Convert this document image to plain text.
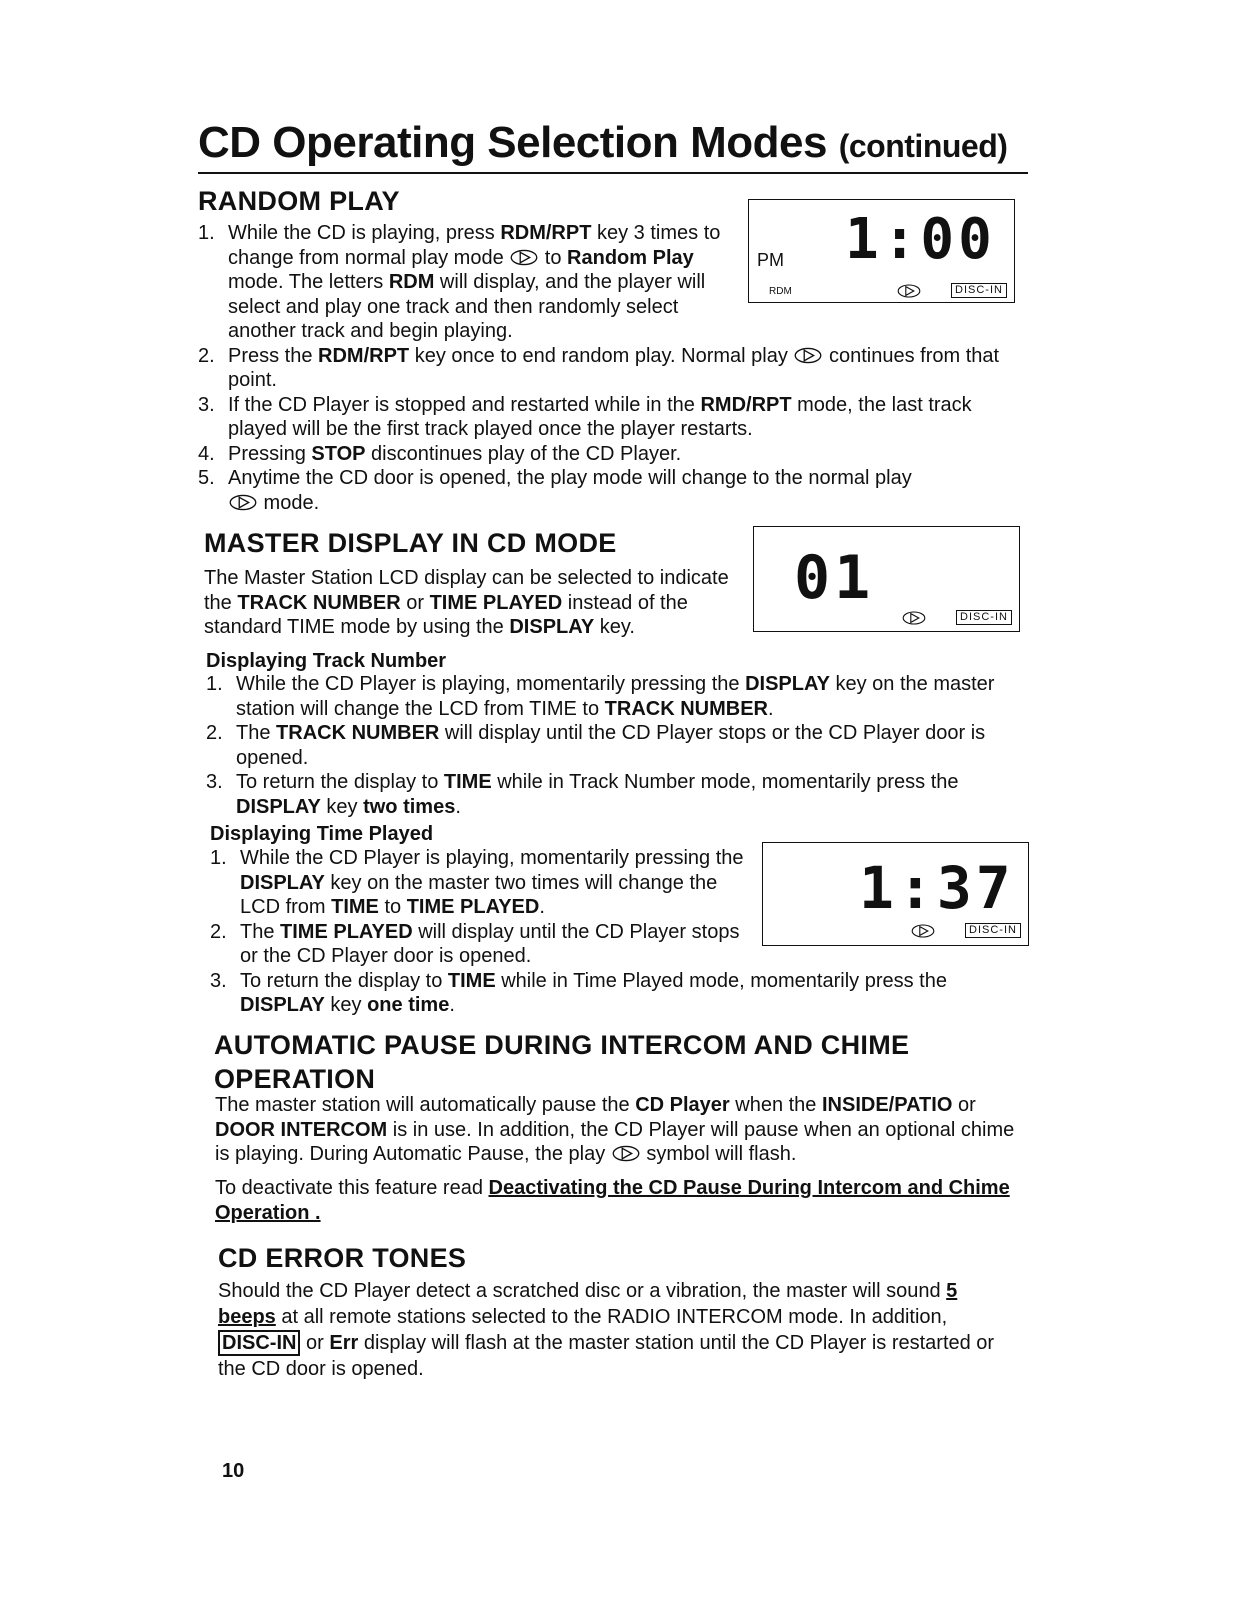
CD Operating Selection Modes (continued)
RANDOM PLAY
PM 1:00
RDM	DISC-IN
1. While the CD is playing, press RDM/RPT key 3 times to change from normal play mode  to Random Play mode. The letters RDM will display, and the player will select and play one track and then randomly select another track and begin playing.
2. Press the RDM/RPT key once to end random play. Normal play  continues from that point.
3. If the CD Player is stopped and restarted while in the RMD/RPT mode, the last track played will be the first track played once the player restarts.
4. Pressing STOP discontinues play of the CD Player.
5. Anytime the CD door is opened, the play mode will change to the normal play  mode.
MASTER DISPLAY IN CD MODE	01
DISC-IN
The Master Station LCD display can be selected to indicate the TRACK NUMBER or TIME PLAYED instead of the standard TIME mode by using the DISPLAY key.
Displaying Track Number
1. While the CD Player is playing, momentarily pressing the DISPLAY key on the master station will change the LCD from TIME to TRACK NUMBER.
2. The TRACK NUMBER will display until the CD Player stops or the CD Player door is opened.
3. To return the display to TIME while in Track Number mode, momentarily press the DISPLAY key two times.
Displaying Time Played
1:37
DISC-IN
1. While the CD Player is playing, momentarily pressing the DISPLAY key on the master two times will change the LCD from TIME to TIME PLAYED.
2. The TIME PLAYED will display until the CD Player stops or the CD Player door is opened.
3. To return the display to TIME while in Time Played mode, momentarily press the DISPLAY key one time.
AUTOMATIC PAUSE DURING INTERCOM AND CHIME
OPERATION
The master station will automatically pause the CD Player when the INSIDE/PATIO or DOOR INTERCOM is in use. In addition, the CD Player will pause when an optional chime is playing. During Automatic Pause, the play  symbol will flash.
To deactivate this feature read Deactivating the CD Pause During Intercom and Chime Operation .
CD ERROR TONES
Should the CD Player detect a scratched disc or a vibration, the master will sound 5 beeps at all remote stations selected to the RADIO INTERCOM mode. In addition, DISC-IN or Err display will flash at the master station until the CD Player is restarted or the CD door is opened.
10
